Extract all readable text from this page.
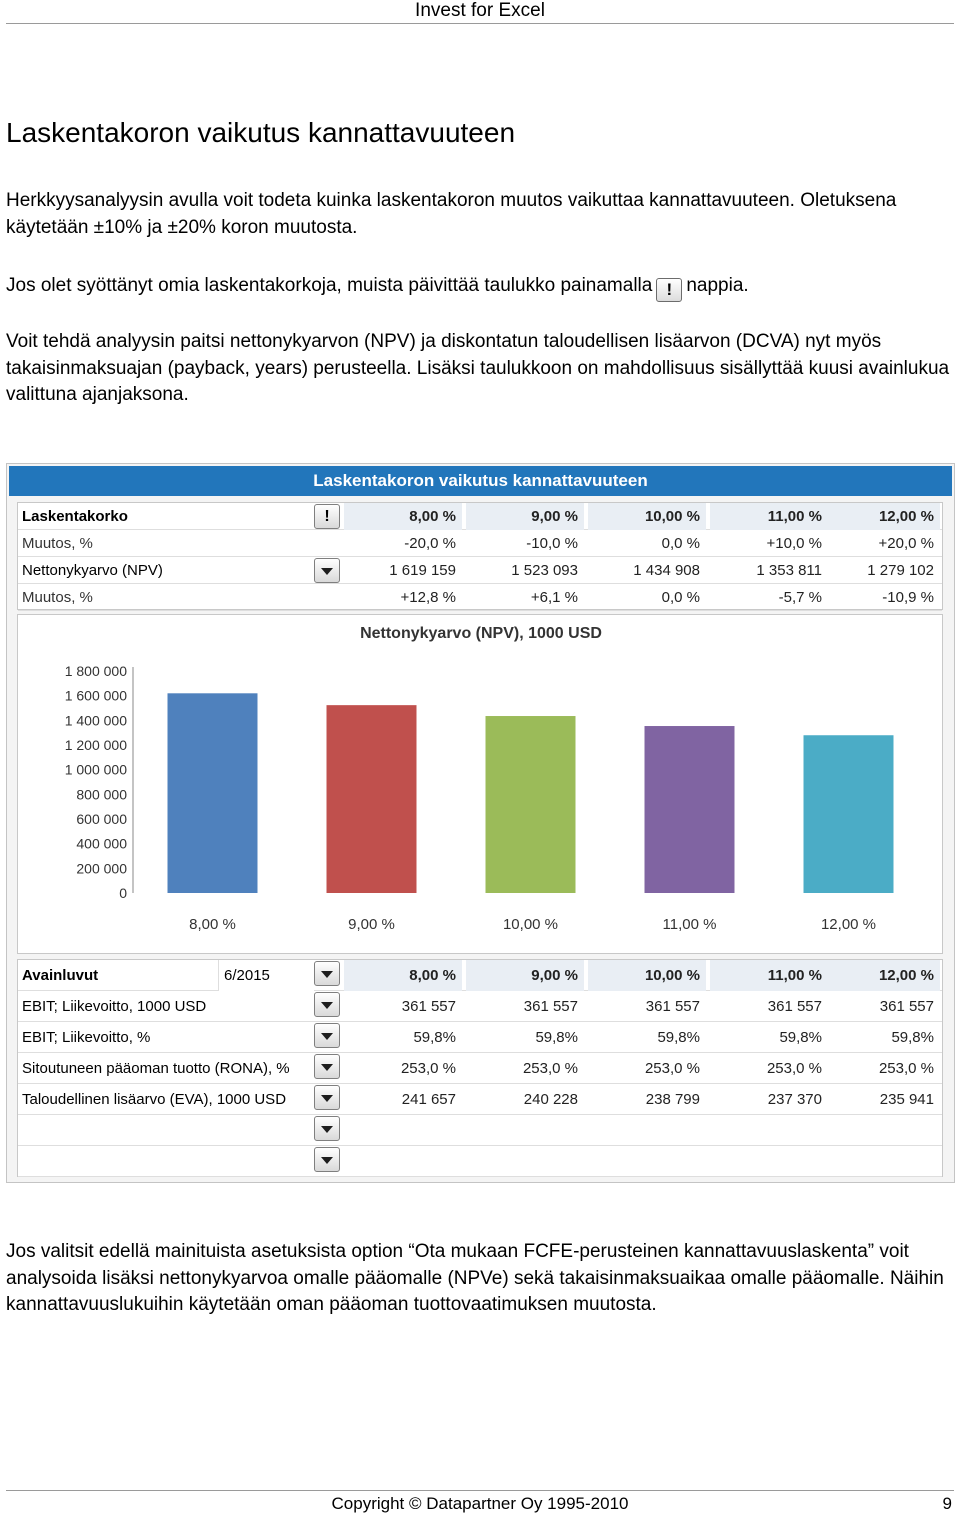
Invest for Excel
Laskentakoron vaikutus kannattavuuteen

Herkkyysanalyysin avulla voit todeta kuinka laskentakoron muutos vaikuttaa kannattavuuteen. Oletuksena käytetään ±10% ja ±20% koron muutosta.

Jos olet syöttänyt omia laskentakorkoja, muista päivittää taulukko painamalla ! nappia.

Voit tehdä analyysin paitsi nettonykyarvon (NPV) ja diskontatun taloudellisen lisäarvon (DCVA) nyt myös takaisinmaksuajan (payback, years) perusteella. Lisäksi taulukkoon on mahdollisuus sisällyttää kuusi avainlukua valittuna ajanjaksona.

Laskentakoron vaikutus kannattavuuteen
Laskentakorko	!	8,00 %	9,00 %	10,00 %	11,00 %	12,00 %
Muutos, %	-20,0 %	-10,0 %	0,0 %	+10,0 %	+20,0 %
Nettonykyarvo (NPV)	1 619 159	1 523 093	1 434 908	1 353 811	1 279 102
Muutos, %	+12,8 %	+6,1 %	0,0 %	-5,7 %	-10,9 %
Nettonykyarvo (NPV), 1000 USD
0
200 000
400 000
600 000
800 000
1 000 000
1 200 000
1 400 000
1 600 000
1 800 000
8,00 %	9,00 %	10,00 %	11,00 %	12,00 %
Avainluvut	6/2015	8,00 %	9,00 %	10,00 %	11,00 %	12,00 %
EBIT; Liikevoitto, 1000 USD	361 557	361 557	361 557	361 557	361 557
EBIT; Liikevoitto, %	59,8%	59,8%	59,8%	59,8%	59,8%
Sitoutuneen pääoman tuotto (RONA), %	253,0 %	253,0 %	253,0 %	253,0 %	253,0 %
Taloudellinen lisäarvo (EVA), 1000 USD	241 657	240 228	238 799	237 370	235 941

Jos valitsit edellä mainituista asetuksista option “Ota mukaan FCFE-perusteinen kannattavuuslaskenta” voit analysoida lisäksi nettonykyarvoa omalle pääomalle (NPVe) sekä takaisinmaksuaikaa omalle pääomalle. Näihin kannattavuuslukuihin käytetään oman pääoman tuottovaatimuksen muutosta.

Copyright © Datapartner Oy 1995-2010	9
